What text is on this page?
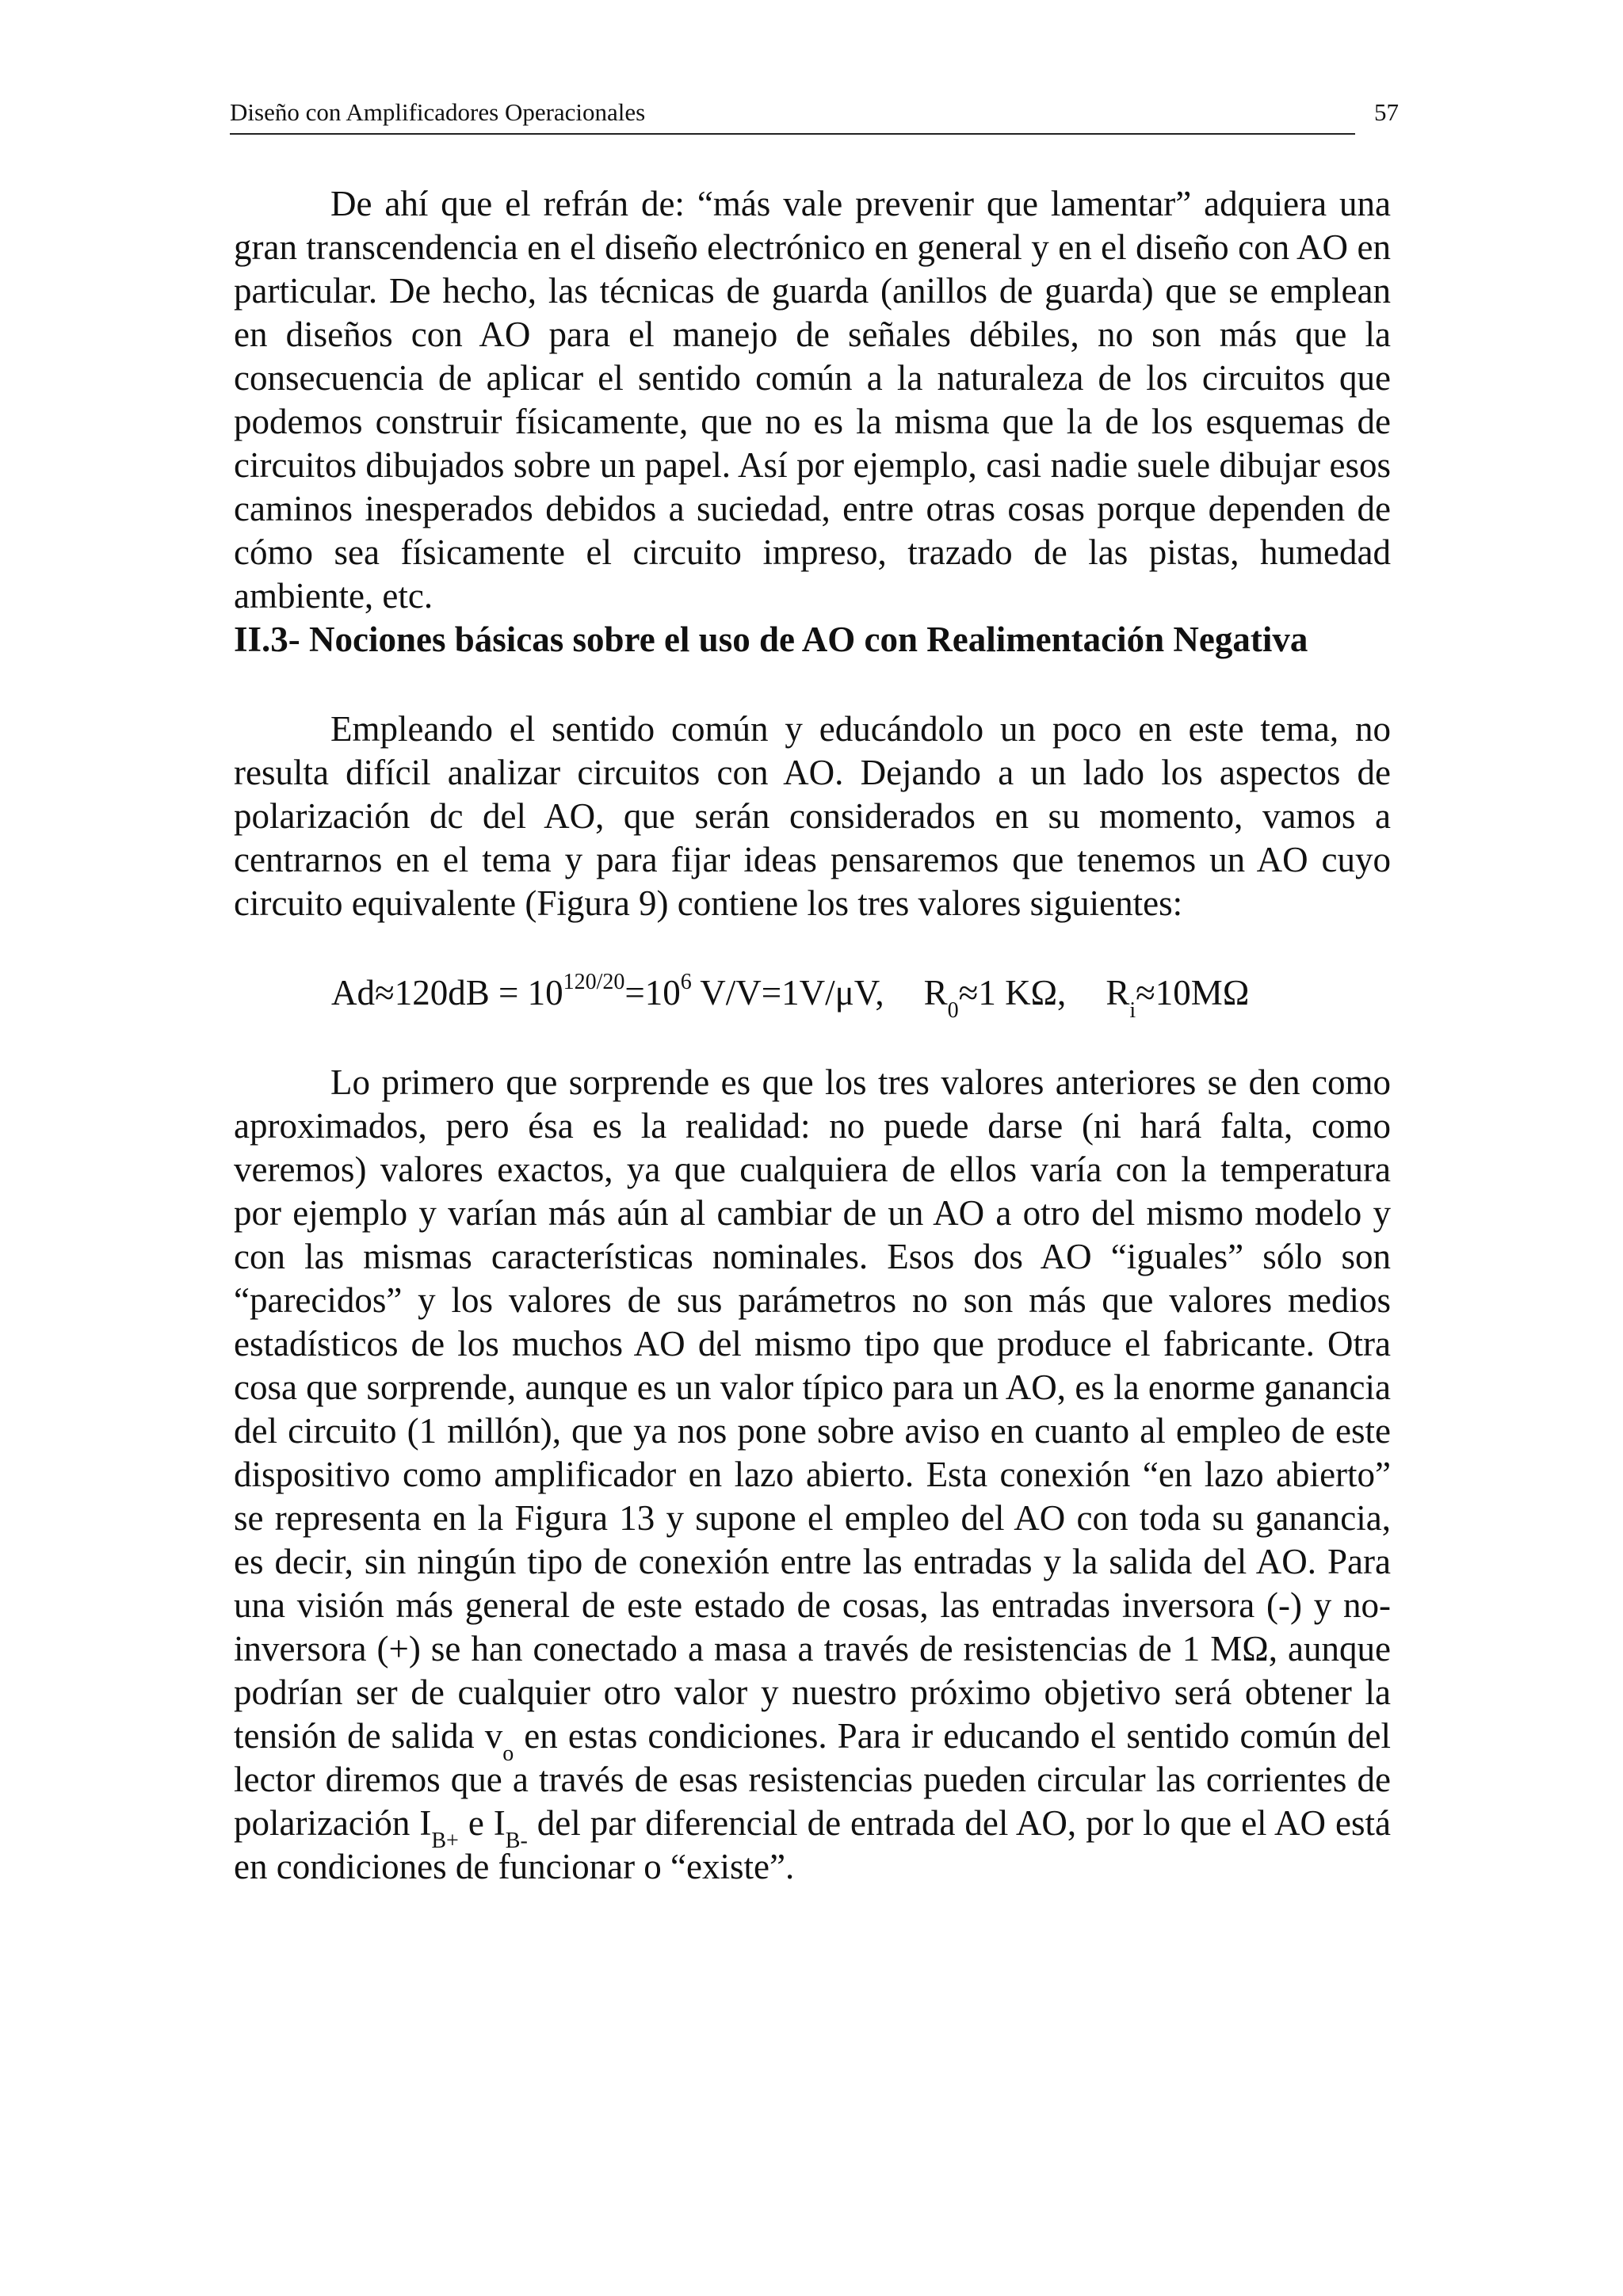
Diseño con Amplificadores Operacionales	57

De ahí que el refrán de: “más vale prevenir que lamentar” adquiera una gran transcendencia en el diseño electrónico en general y en el diseño con AO en particular. De hecho, las técnicas de guarda (anillos de guarda) que se emplean en diseños con AO para el manejo de señales débiles, no son más que la consecuencia de aplicar el sentido común a la naturaleza de los circuitos que podemos construir físicamente, que no es la misma que la de los esquemas de circuitos dibujados sobre un papel. Así por ejemplo, casi nadie suele dibujar esos caminos inesperados debidos a suciedad, entre otras cosas porque dependen de cómo sea físicamente el circuito impreso, trazado de las pistas, humedad ambiente, etc.

II.3- Nociones básicas sobre el uso de AO con Realimentación Negativa

Empleando el sentido común y educándolo un poco en este tema, no resulta difícil analizar circuitos con AO. Dejando a un lado los aspectos de polarización dc del AO, que serán considerados en su momento, vamos a centrarnos en el tema y para fijar ideas pensaremos que tenemos un AO cuyo circuito equivalente (Figura 9) contiene los tres valores siguientes:

$Ad\approx 120dB = 10^{120/20}=10^6$ V/V=1V/μV, $R_0\approx 1$ KΩ, $R_i\approx 10M\Omega$

Lo primero que sorprende es que los tres valores anteriores se den como aproximados, pero ésa es la realidad: no puede darse (ni hará falta, como veremos) valores exactos, ya que cualquiera de ellos varía con la temperatura por ejemplo y varían más aún al cambiar de un AO a otro del mismo modelo y con las mismas características nominales. Esos dos AO “iguales” sólo son “parecidos” y los valores de sus parámetros no son más que valores medios estadísticos de los muchos AO del mismo tipo que produce el fabricante. Otra cosa que sorprende, aunque es un valor típico para un AO, es la enorme ganancia del circuito (1 millón), que ya nos pone sobre aviso en cuanto al empleo de este dispositivo como amplificador en lazo abierto. Esta conexión “en lazo abierto” se representa en la Figura 13 y supone el empleo del AO con toda su ganancia, es decir, sin ningún tipo de conexión entre las entradas y la salida del AO. Para una visión más general de este estado de cosas, las entradas inversora (-) y no-inversora (+) se han conectado a masa a través de resistencias de 1 MΩ, aunque podrían ser de cualquier otro valor y nuestro próximo objetivo será obtener la tensión de salida $v_o$ en estas condiciones. Para ir educando el sentido común del lector diremos que a través de esas resistencias pueden circular las corrientes de polarización $I_{B+}$ e $I_{B-}$ del par diferencial de entrada del AO, por lo que el AO está en condiciones de funcionar o “existe”.
